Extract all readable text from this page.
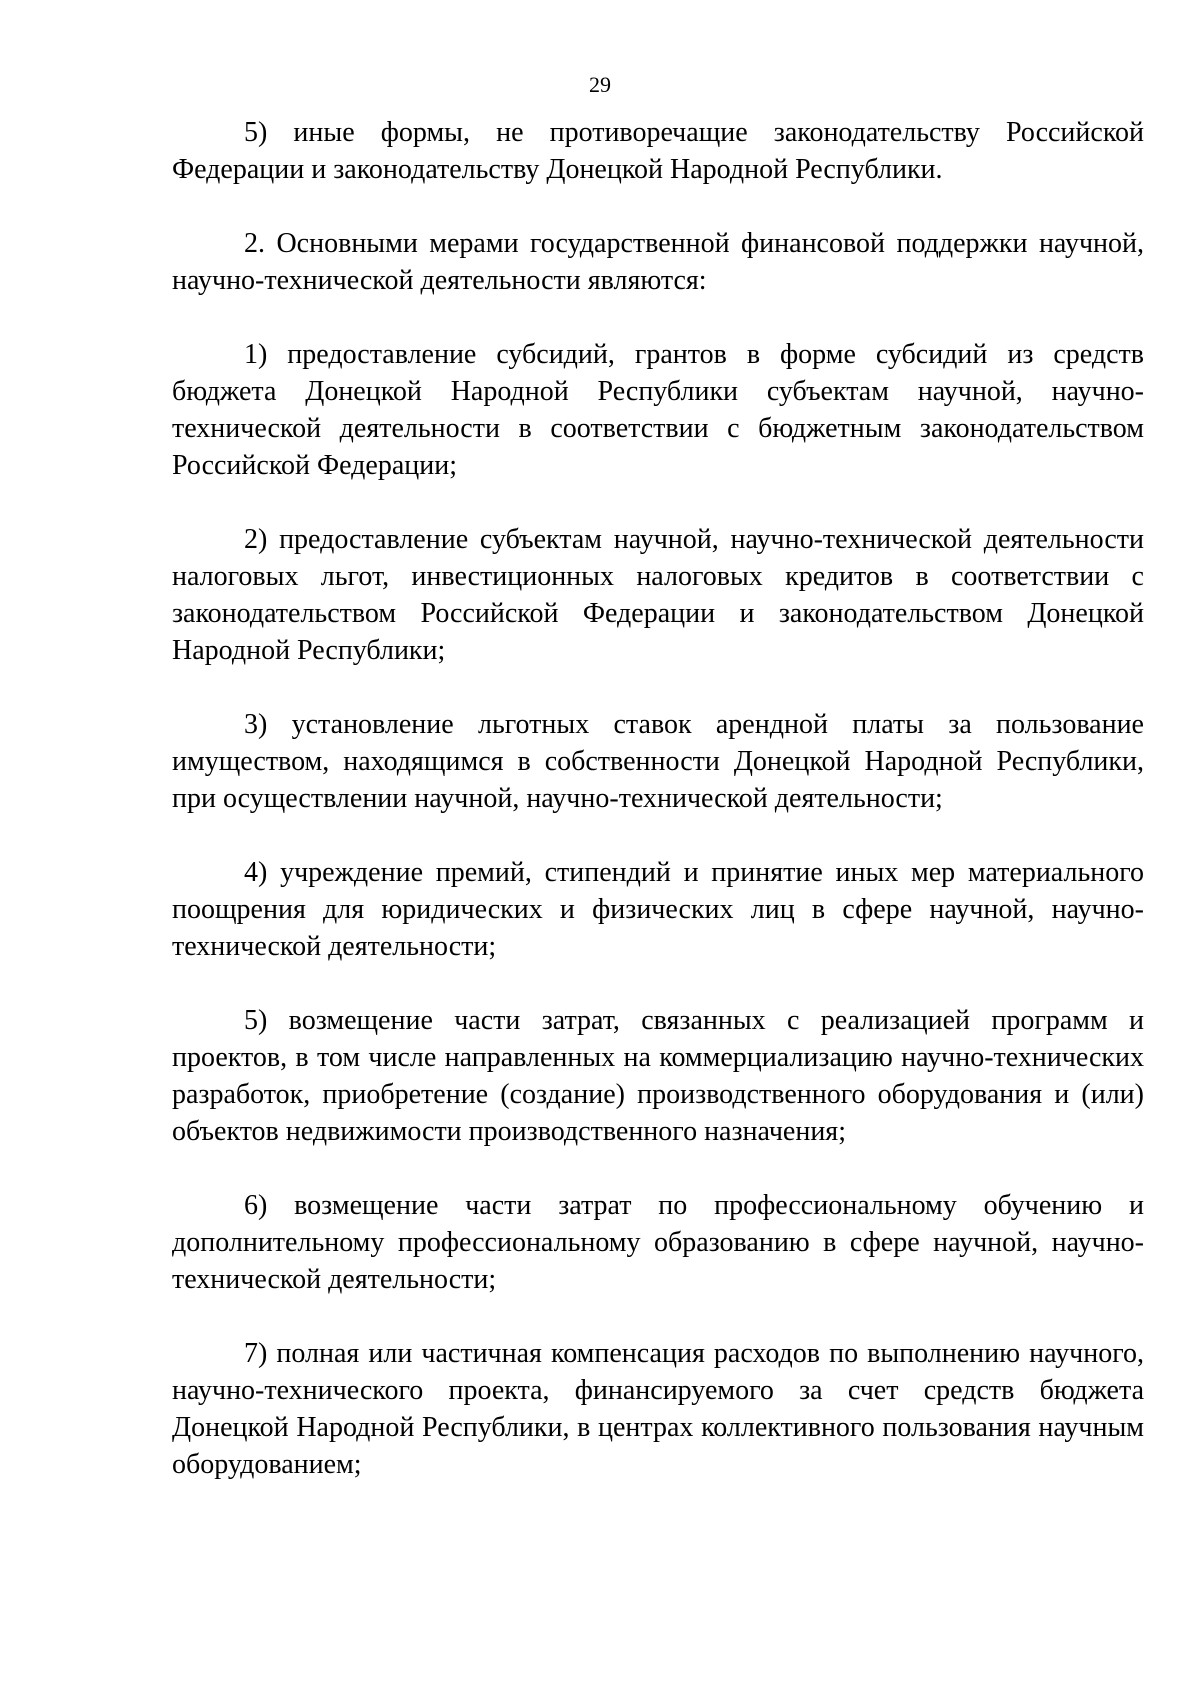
29

5) иные формы, не противоречащие законодательству Российской Федерации и законодательству Донецкой Народной Республики.

2. Основными мерами государственной финансовой поддержки научной, научно-технической деятельности являются:

1) предоставление субсидий, грантов в форме субсидий из средств бюджета Донецкой Народной Республики субъектам научной, научно-технической деятельности в соответствии с бюджетным законодательством Российской Федерации;

2) предоставление субъектам научной, научно-технической деятельности налоговых льгот, инвестиционных налоговых кредитов в соответствии с законодательством Российской Федерации и законодательством Донецкой Народной Республики;

3) установление льготных ставок арендной платы за пользование имуществом, находящимся в собственности Донецкой Народной Республики, при осуществлении научной, научно-технической деятельности;

4) учреждение премий, стипендий и принятие иных мер материального поощрения для юридических и физических лиц в сфере научной, научно-технической деятельности;

5) возмещение части затрат, связанных с реализацией программ и проектов, в том числе направленных на коммерциализацию научно-технических разработок, приобретение (создание) производственного оборудования и (или) объектов недвижимости производственного назначения;

6) возмещение части затрат по профессиональному обучению и дополнительному профессиональному образованию в сфере научной, научно-технической деятельности;

7) полная или частичная компенсация расходов по выполнению научного, научно-технического проекта, финансируемого за счет средств бюджета Донецкой Народной Республики, в центрах коллективного пользования научным оборудованием;
